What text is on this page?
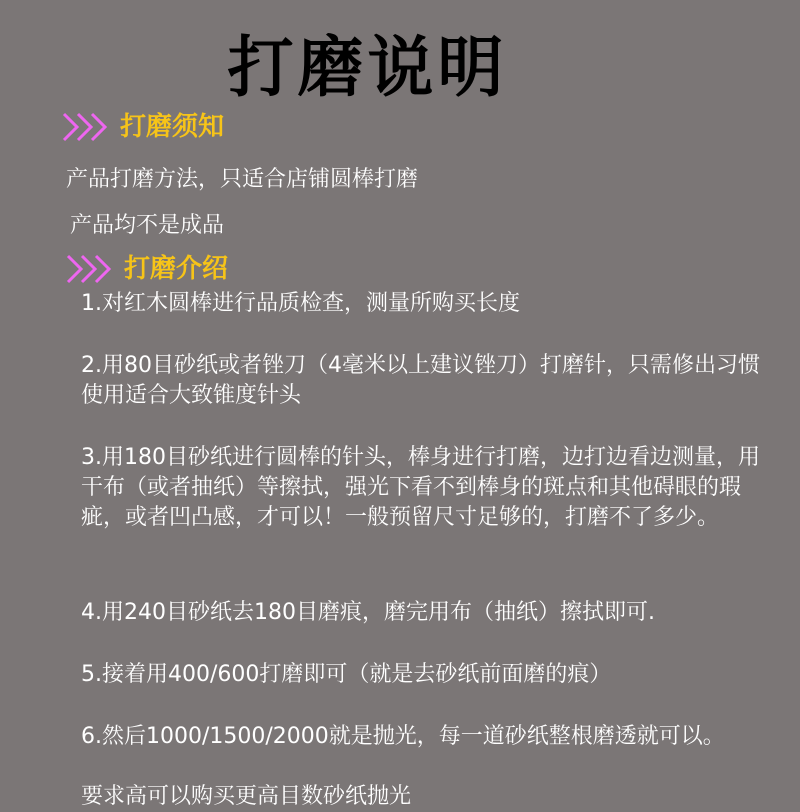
打磨说明
打磨须知
产品打磨方法，只适合店铺圆棒打磨
产品均不是成品
打磨介绍
1.对红木圆棒进行品质检查，测量所购买长度
2.用80目砂纸或者锉刀（4毫米以上建议锉刀）打磨针，只需修出习惯使用适合大致锥度针头
3.用180目砂纸进行圆棒的针头，棒身进行打磨，边打边看边测量，用干布（或者抽纸）等擦拭，强光下看不到棒身的斑点和其他碍眼的瑕疵，或者凹凸感，才可以！一般预留尺寸足够的，打磨不了多少。
4.用240目砂纸去180目磨痕，磨完用布（抽纸）擦拭即可.
5.接着用400/600打磨即可（就是去砂纸前面磨的痕）
6.然后1000/1500/2000就是抛光，每一道砂纸整根磨透就可以。
要求高可以购买更高目数砂纸抛光
